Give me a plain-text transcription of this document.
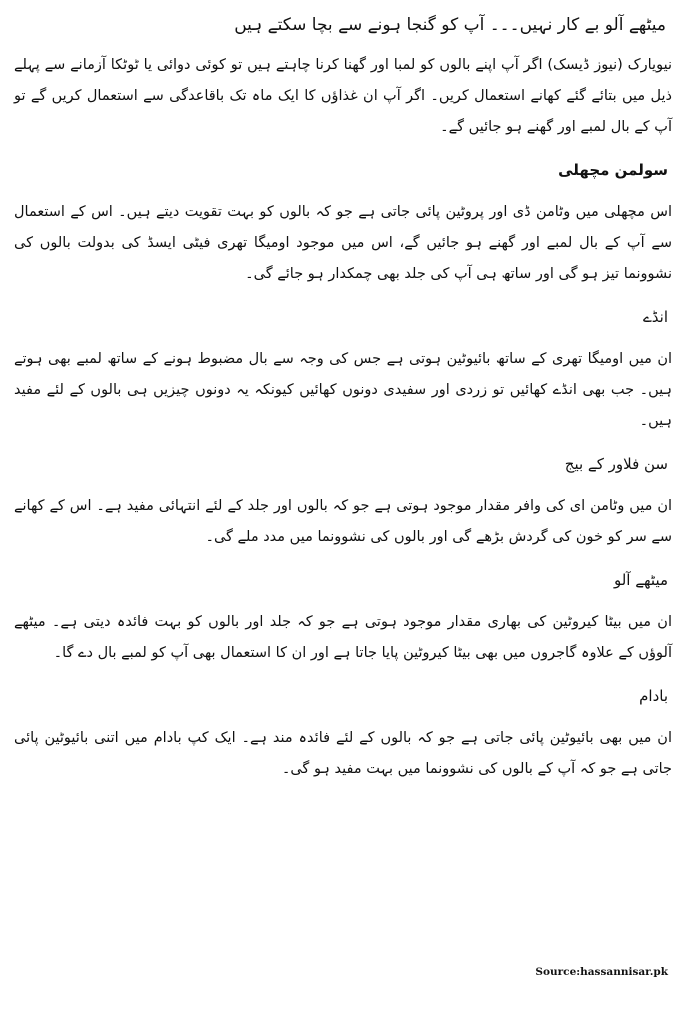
میٹھے آلو بے کار نہیں۔۔۔ آپ کو گنجا ہونے سے بچا سکتے ہیں

نیویارک (نیوز ڈیسک) اگر آپ اپنے بالوں کو لمبا اور گھنا کرنا چاہتے ہیں تو کوئی دوائی یا ٹوٹکا آزمانے سے پہلے ذیل میں بتائے گئے کھانے استعمال کریں۔ اگر آپ ان غذاؤں کا ایک ماہ تک باقاعدگی سے استعمال کریں گے تو آپ کے بال لمبے اور گھنے ہو جائیں گے۔

سولمن مچھلی

اس مچھلی میں وٹامن ڈی اور پروٹین پائی جاتی ہے جو کہ بالوں کو بہت تقویت دیتے ہیں۔ اس کے استعمال سے آپ کے بال لمبے اور گھنے ہو جائیں گے، اس میں موجود اومیگا تھری فیٹی ایسڈ کی بدولت بالوں کی نشوونما تیز ہو گی اور ساتھ ہی آپ کی جلد بھی چمکدار ہو جائے گی۔

انڈے

ان میں اومیگا تھری کے ساتھ بائیوٹین ہوتی ہے جس کی وجہ سے بال مضبوط ہونے کے ساتھ لمبے بھی ہوتے ہیں۔ جب بھی انڈے کھائیں تو زردی اور سفیدی دونوں کھائیں کیونکہ یہ دونوں چیزیں ہی بالوں کے لئے مفید ہیں۔

سن فلاور کے بیج

ان میں وٹامن ای کی وافر مقدار موجود ہوتی ہے جو کہ بالوں اور جلد کے لئے انتہائی مفید ہے۔ اس کے کھانے سے سر کو خون کی گردش بڑھے گی اور بالوں کی نشوونما میں مدد ملے گی۔

میٹھے آلو

ان میں بیٹا کیروٹین کی بھاری مقدار موجود ہوتی ہے جو کہ جلد اور بالوں کو بہت فائدہ دیتی ہے۔ میٹھے آلوؤں کے علاوہ گاجروں میں بھی بیٹا کیروٹین پایا جاتا ہے اور ان کا استعمال بھی آپ کو لمبے بال دے گا۔

بادام

ان میں بھی بائیوٹین پائی جاتی ہے جو کہ بالوں کے لئے فائدہ مند ہے۔ ایک کپ بادام میں اتنی بائیوٹین پائی جاتی ہے جو کہ آپ کے بالوں کی نشوونما میں بہت مفید ہو گی۔

Source:hassannisar.pk
